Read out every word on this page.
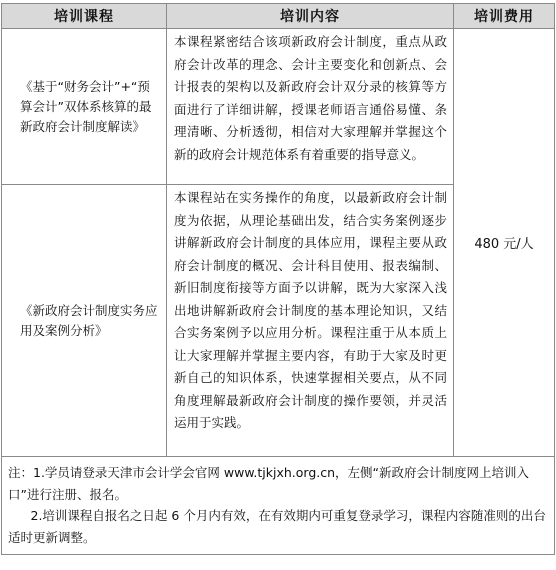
培训课程	培训内容	培训费用
《基于“财务会计”+“预算会计”双体系核算的最新政府会计制度解读》	本课程紧密结合该项新政府会计制度，重点从政府会计改革的理念、会计主要变化和创新点、会计报表的架构以及新政府会计双分录的核算等方面进行了详细讲解，授课老师语言通俗易懂、条理清晰、分析透彻，相信对大家理解并掌握这个新的政府会计规范体系有着重要的指导意义。	480 元/人
《新政府会计制度实务应用及案例分析》	本课程站在实务操作的角度，以最新政府会计制度为依据，从理论基础出发，结合实务案例逐步讲解新政府会计制度的具体应用，课程主要从政府会计制度的概况、会计科目使用、报表编制、新旧制度衔接等方面予以讲解，既为大家深入浅出地讲解新政府会计制度的基本理论知识，又结合实务案例予以应用分析。课程注重于从本质上让大家理解并掌握主要内容，有助于大家及时更新自己的知识体系，快速掌握相关要点，从不同角度理解最新政府会计制度的操作要领，并灵活运用于实践。	

注：1.学员请登录天津市会计学会官网 www.tjkjxh.org.cn，左侧“新政府会计制度网上培训入口”进行注册、报名。

2.培训课程自报名之日起 6 个月内有效，在有效期内可重复登录学习，课程内容随准则的出台适时更新调整。		
